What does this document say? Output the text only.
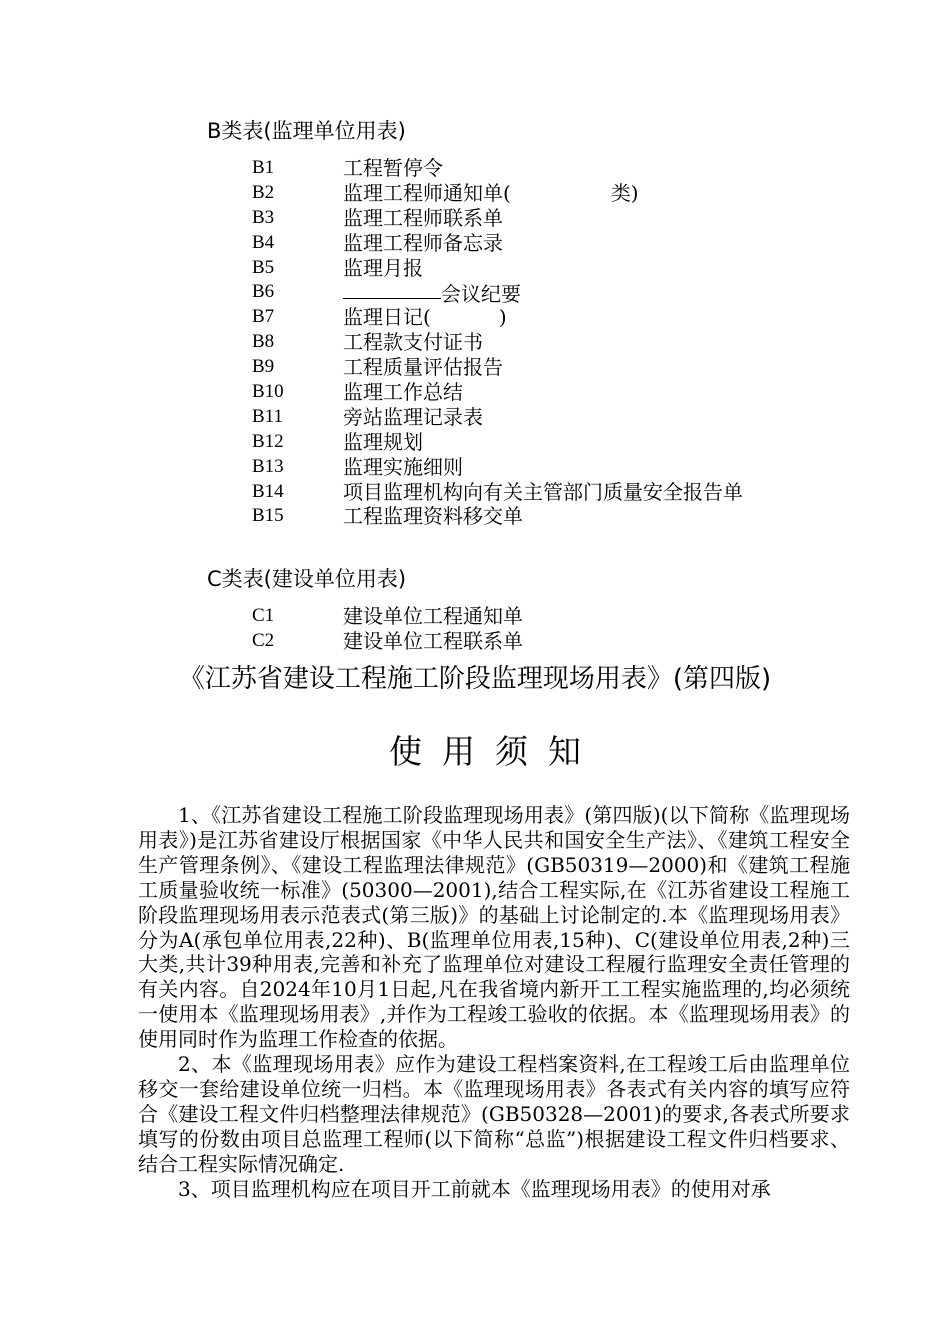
B类表(监理单位用表)
B1	工程暂停令
B2	监理工程师通知单(	类)
B3	监理工程师联系单
B4	监理工程师备忘录
B5	监理月报
B6	会议纪要
B7	监理日记(	)
B8	工程款支付证书
B9	工程质量评估报告
B10	监理工作总结
B11	旁站监理记录表
B12	监理规划
B13	监理实施细则
B14	项目监理机构向有关主管部门质量安全报告单
B15	工程监理资料移交单
C类表(建设单位用表)
C1	建设单位工程通知单
C2	建设单位工程联系单
《江苏省建设工程施工阶段监理现场用表》(第四版)
使用须知

1、《江苏省建设工程施工阶段监理现场用表》(第四版)(以下简称《监理现场用表》)是江苏省建设厅根据国家《中华人民共和国安全生产法》、《建筑工程安全生产管理条例》、《建设工程监理法律规范》(GB50319—2000)和《建筑工程施工质量验收统一标准》(50300—2001),结合工程实际,在《江苏省建设工程施工阶段监理现场用表示范表式(第三版)》的基础上讨论制定的.本《监理现场用表》分为A(承包单位用表,22种)、B(监理单位用表,15种)、C(建设单位用表,2种)三大类,共计39种用表,完善和补充了监理单位对建设工程履行监理安全责任管理的有关内容。自2024年10月1日起,凡在我省境内新开工工程实施监理的,均必须统一使用本《监理现场用表》,并作为工程竣工验收的依据。本《监理现场用表》的使用同时作为监理工作检查的依据。

2、本《监理现场用表》应作为建设工程档案资料,在工程竣工后由监理单位移交一套给建设单位统一归档。本《监理现场用表》各表式有关内容的填写应符合《建设工程文件归档整理法律规范》(GB50328—2001)的要求,各表式所要求填写的份数由项目总监理工程师(以下简称“总监”)根据建设工程文件归档要求、结合工程实际情况确定.

3、项目监理机构应在项目开工前就本《监理现场用表》的使用对承
